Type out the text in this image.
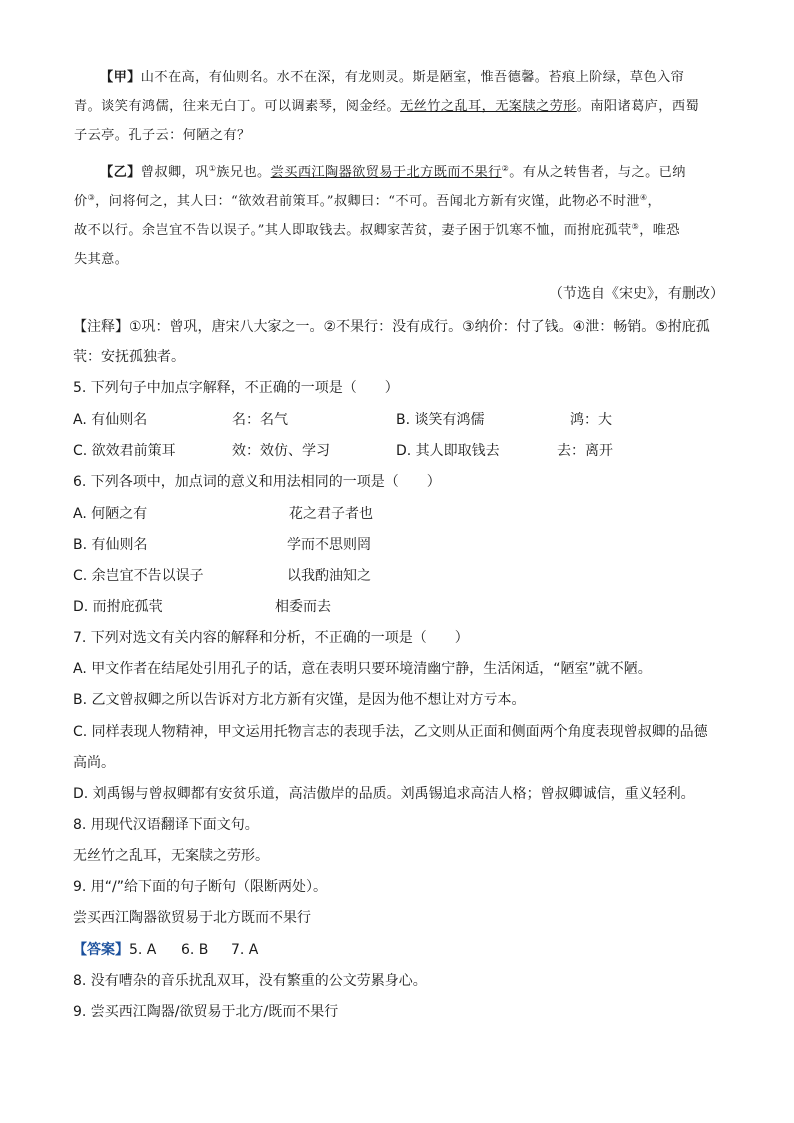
【甲】山不在高，有仙则名。水不在深，有龙则灵。斯是陋室，惟吾德馨。苔痕上阶绿，草色入帘
青。谈笑有鸿儒，往来无白丁。可以调素琴，阅金经。无丝竹之乱耳，无案牍之劳形。南阳诸葛庐，西蜀
子云亭。孔子云：何陋之有？
【乙】曾叔卿，巩①族兄也。尝买西江陶器欲贸易于北方既而不果行②。有从之转售者，与之。已纳
价③，问将何之，其人曰：“欲效君前策耳。”叔卿曰：“不可。吾闻北方新有灾馑，此物必不时泄④，
故不以行。余岂宜不告以误子。”其人即取钱去。叔卿家苦贫，妻子困于饥寒不恤，而拊庇孤茕⑤，唯恐
失其意。
（节选自《宋史》，有删改）
【注释】①巩：曾巩，唐宋八大家之一。②不果行：没有成行。③纳价：付了钱。④泄：畅销。⑤拊庇孤
茕：安抚孤独者。
5. 下列句子中加点字解释，不正确的一项是（　　）
A. 有仙则名	名：名气	B. 谈笑有鸿儒	鸿：大
C. 欲效君前策耳	效：效仿、学习	D. 其人即取钱去	去：离开
6. 下列各项中，加点词的意义和用法相同的一项是（　　）
A. 何陋之有	花之君子者也
B. 有仙则名	学而不思则罔
C. 余岂宜不告以误子	以我酌油知之
D. 而拊庇孤茕	相委而去
7. 下列对选文有关内容的解释和分析，不正确的一项是（　　）
A. 甲文作者在结尾处引用孔子的话，意在表明只要环境清幽宁静，生活闲适，“陋室”就不陋。
B. 乙文曾叔卿之所以告诉对方北方新有灾馑，是因为他不想让对方亏本。
C. 同样表现人物精神，甲文运用托物言志的表现手法，乙文则从正面和侧面两个角度表现曾叔卿的品德
高尚。
D. 刘禹锡与曾叔卿都有安贫乐道，高洁傲岸的品质。刘禹锡追求高洁人格；曾叔卿诚信，重义轻利。
8. 用现代汉语翻译下面文句。
无丝竹之乱耳，无案牍之劳形。
9. 用“/”给下面的句子断句（限断两处）。
尝买西江陶器欲贸易于北方既而不果行
【答案】 5. A 6. B 7. A
8. 没有嘈杂的音乐扰乱双耳，没有繁重的公文劳累身心。
9. 尝买西江陶器/欲贸易于北方/既而不果行
